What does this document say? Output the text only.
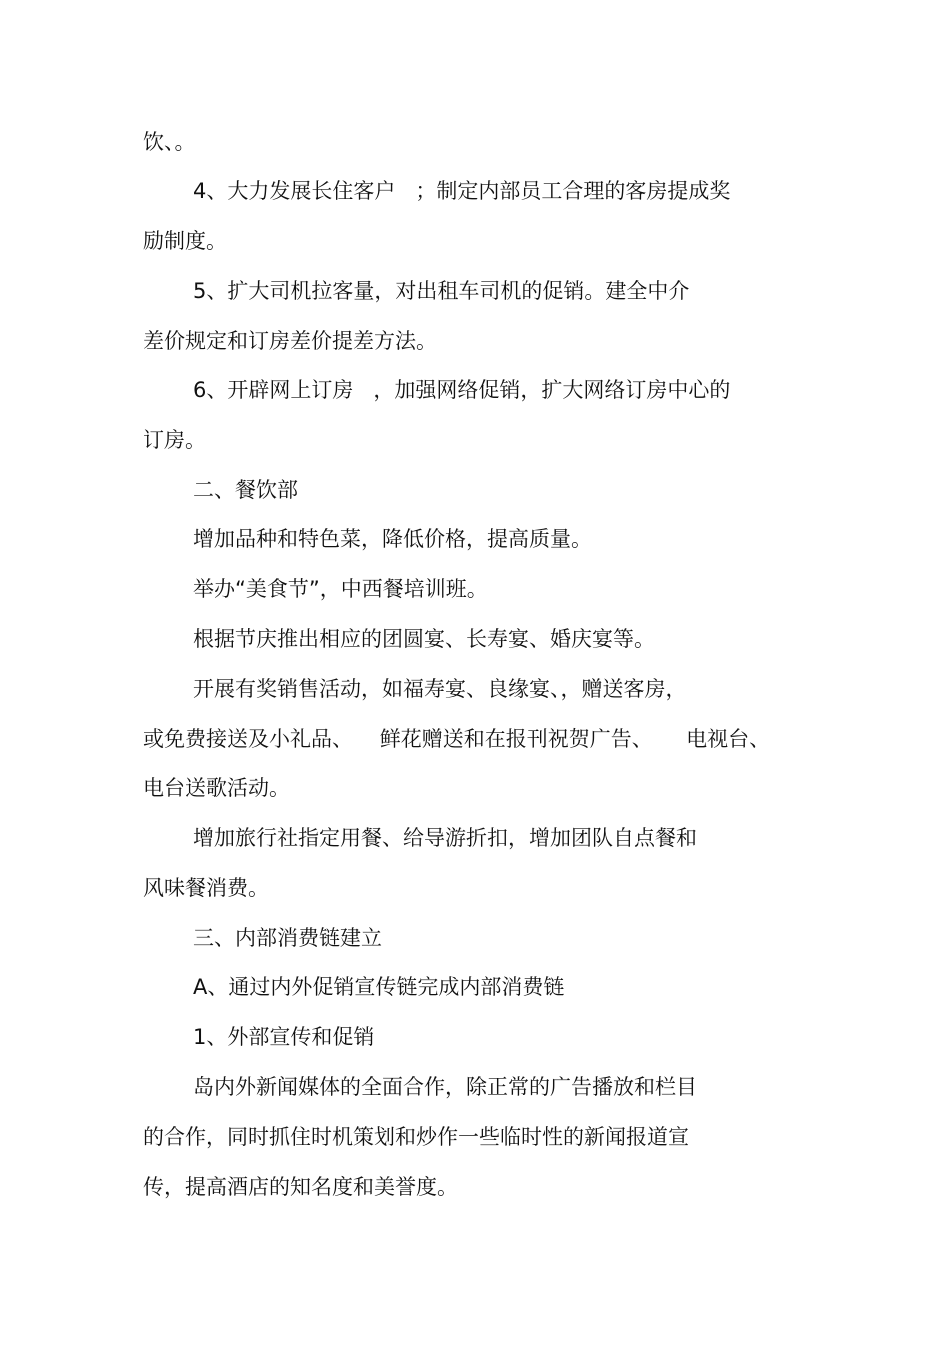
饮、。
4、大力发展长住客户   ；制定内部员工合理的客房提成奖
励制度。
5、扩大司机拉客量，对出租车司机的促销。建全中介
差价规定和订房差价提差方法。
6、开辟网上订房   ，加强网络促销，扩大网络订房中心的
订房。
二、餐饮部
增加品种和特色菜，降低价格，提高质量。
举办“美食节”，中西餐培训班。
根据节庆推出相应的团圆宴、长寿宴、婚庆宴等。
开展有奖销售活动，如福寿宴、良缘宴、，赠送客房，
或免费接送及小礼品、    鲜花赠送和在报刊祝贺广告、     电视台、
电台送歌活动。
增加旅行社指定用餐、给导游折扣，增加团队自点餐和
风味餐消费。
三、内部消费链建立
A、通过内外促销宣传链完成内部消费链
1、外部宣传和促销
岛内外新闻媒体的全面合作，除正常的广告播放和栏目
的合作，同时抓住时机策划和炒作一些临时性的新闻报道宣
传，提高酒店的知名度和美誉度。
